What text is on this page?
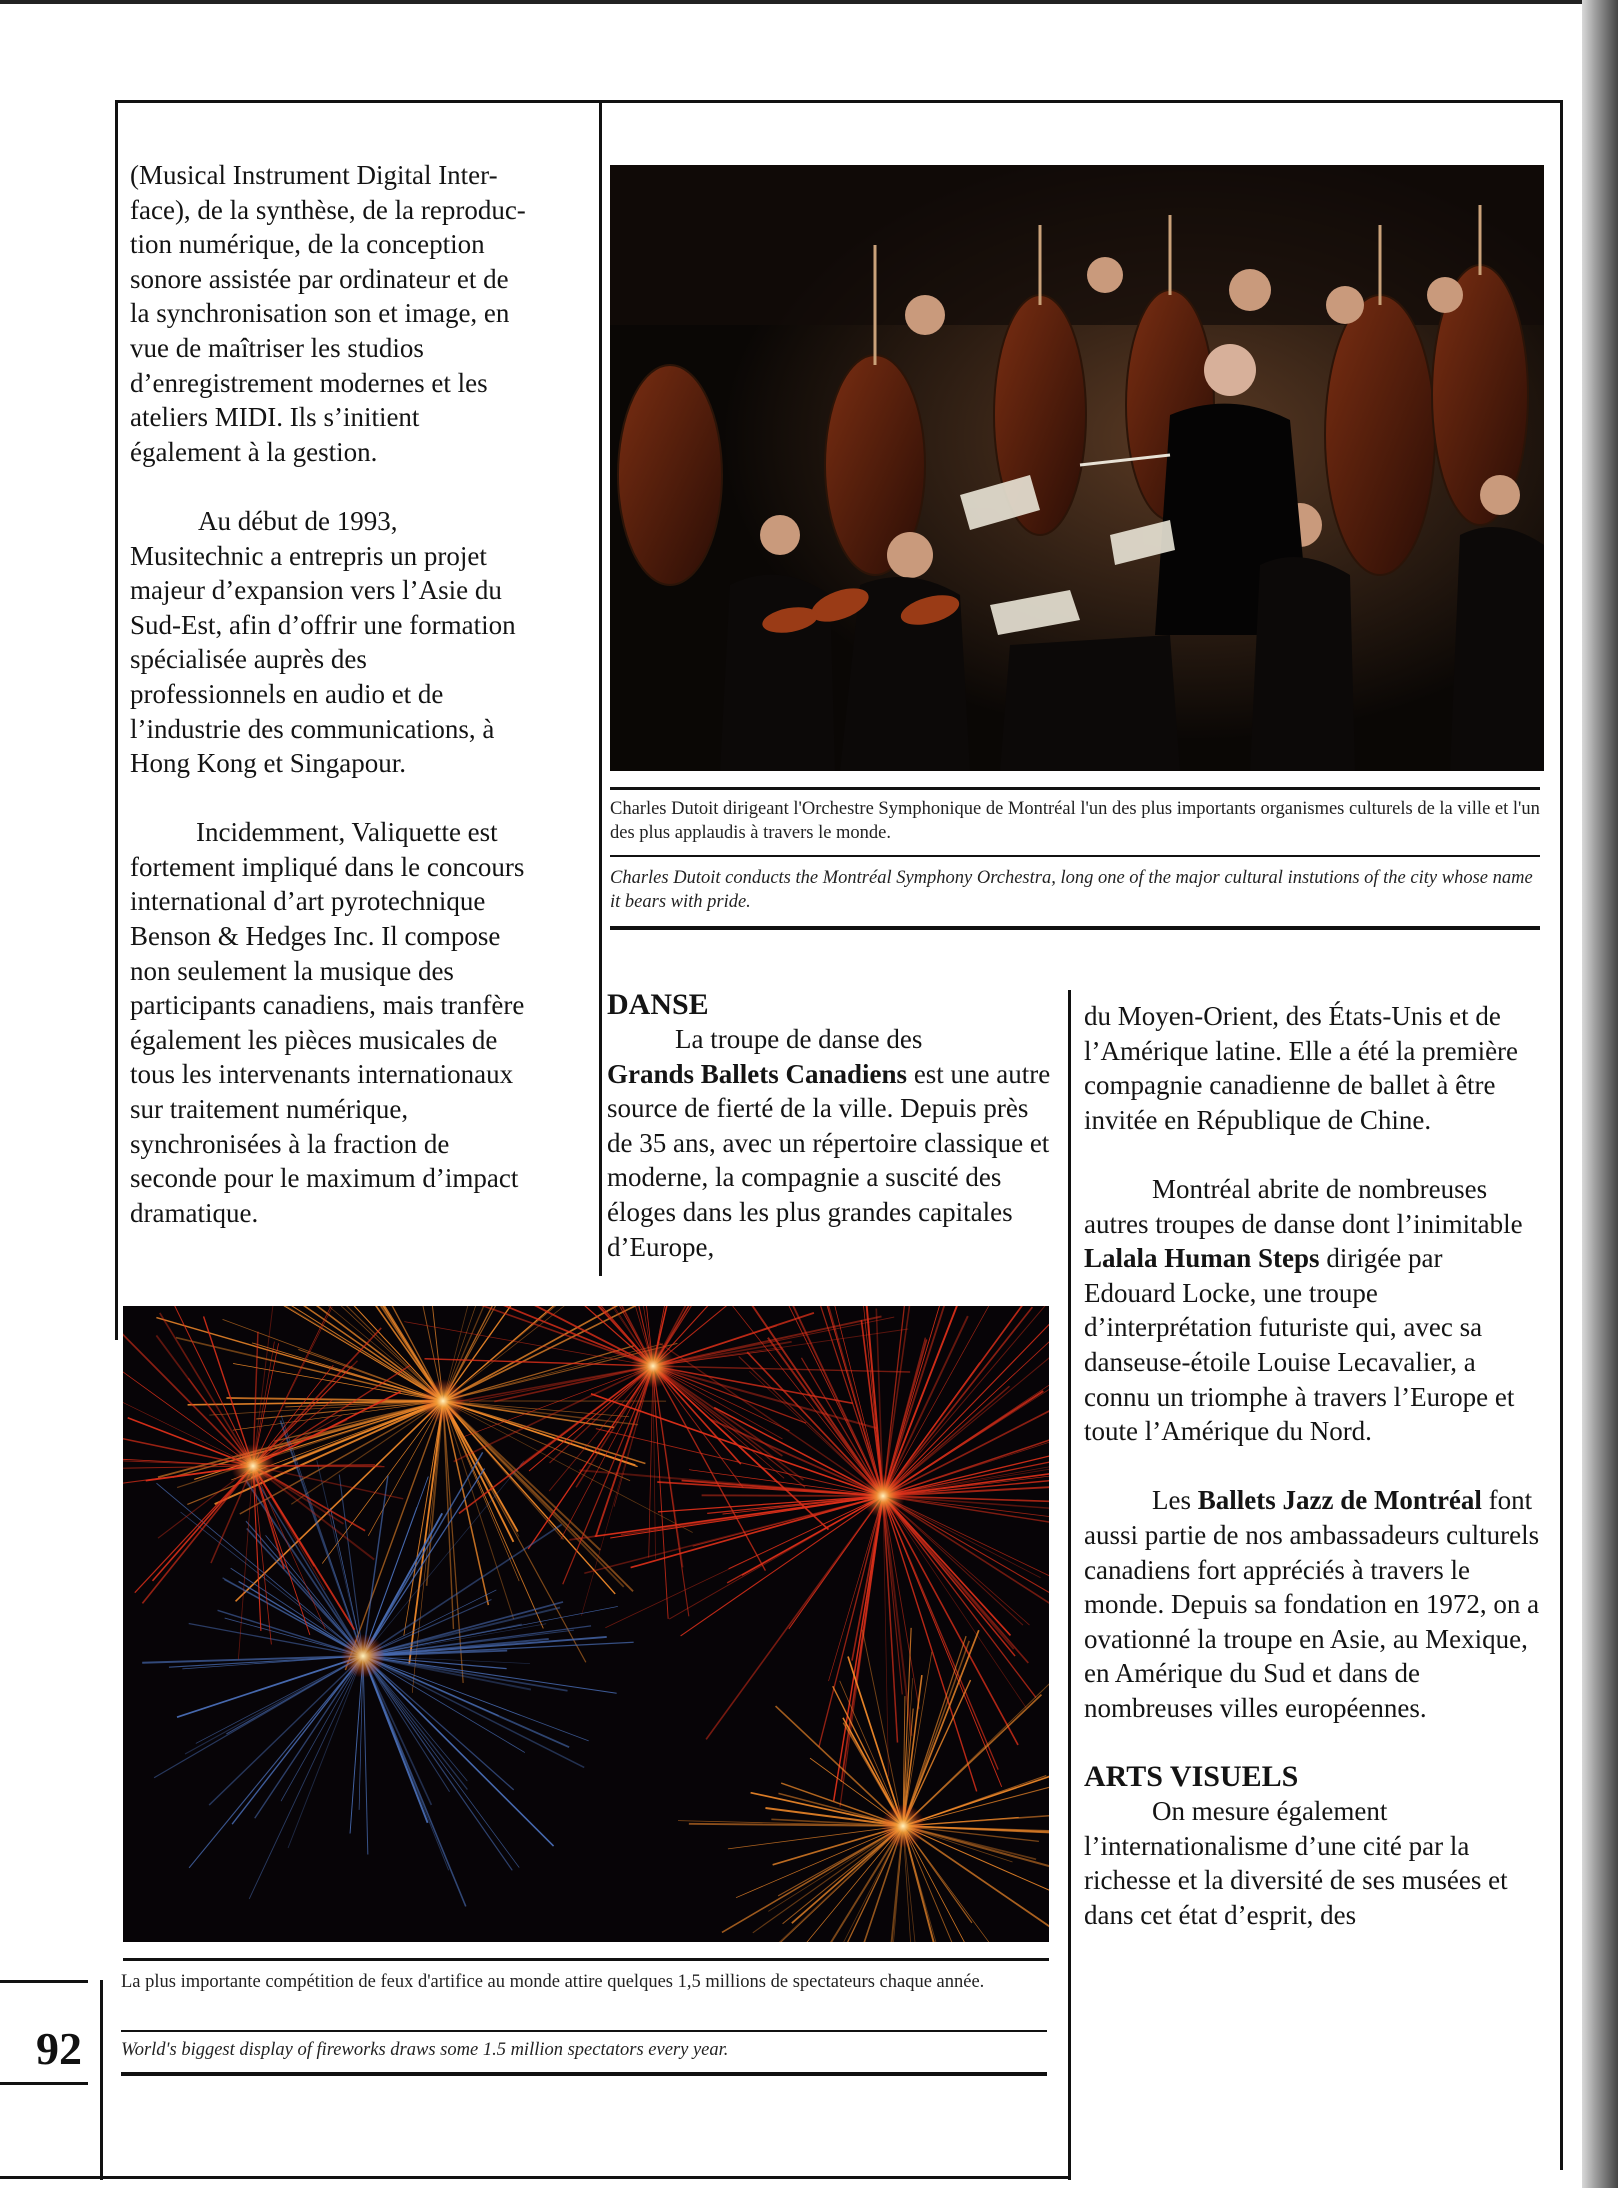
92

(Musical Instrument Digital Inter-

face), de la synthèse, de la reproduc-

tion numérique, de la conception

sonore assistée par ordinateur et de

la synchronisation son et image, en

vue de maîtriser les studios

d’enregistrement modernes et les

ateliers MIDI. Ils s’initient

également à la gestion.

Au début de 1993,

Musitechnic a entrepris un projet

majeur d’expansion vers l’Asie du

Sud-Est, afin d’offrir une formation

spécialisée auprès des

professionnels en audio et de

l’industrie des communications, à

Hong Kong et Singapour.

Incidemment, Valiquette est

fortement impliqué dans le concours

international d’art pyrotechnique

Benson & Hedges Inc. Il compose

non seulement la musique des

participants canadiens, mais tranfère

également les pièces musicales de

tous les intervenants internationaux

sur traitement numérique,

synchronisées à la fraction de

seconde pour le maximum d’impact

dramatique.

Charles Dutoit dirigeant l'Orchestre Symphonique de Montréal l'un des plus importants organismes culturels de la ville et l'un des plus applaudis à travers le monde.
Charles Dutoit conducts the Montréal Symphony Orchestra, long one of the major cultural instutions of the city whose name it bears with pride.

DANSE

La troupe de danse des
Grands Ballets Canadiens est une autre source de fierté de la ville. Depuis près de 35 ans, avec un répertoire classique et moderne, la compagnie a suscité des éloges dans les plus grandes capitales d’Europe,

du Moyen-Orient, des États-Unis et de l’Amérique latine. Elle a été la première compagnie canadienne de ballet à être invitée en République de Chine.

Montréal abrite de nombreuses autres troupes de danse dont l’inimitable Lalala Human Steps dirigée par Edouard Locke, une troupe d’interprétation futuriste qui, avec sa danseuse-étoile Louise Lecavalier, a connu un triomphe à travers l’Europe et toute l’Amérique du Nord.

Les Ballets Jazz de Montréal font aussi partie de nos ambassadeurs culturels canadiens fort appréciés à travers le monde. Depuis sa fondation en 1972, on a ovationné la troupe en Asie, au Mexique, en Amérique du Sud et dans de nombreuses villes européennes.

ARTS VISUELS

On mesure également l’internationalisme d’une cité par la richesse et la diversité de ses musées et dans cet état d’esprit, des

La plus importante compétition de feux d'artifice au monde attire quelques 1,5 millions de spectateurs chaque année.
World's biggest display of fireworks draws some 1.5 million spectators every year.
